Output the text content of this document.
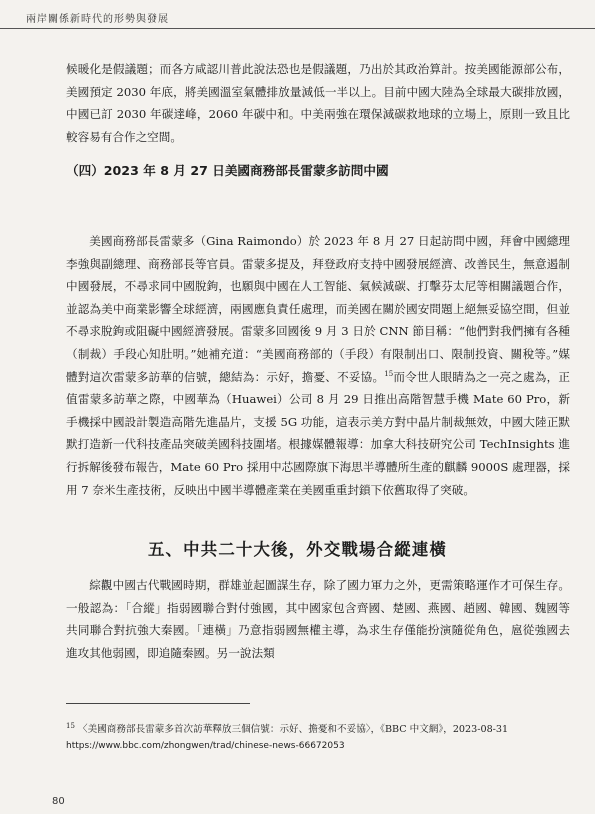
兩岸關係新時代的形勢與發展

候暖化是假議題；而各方咸認川普此說法恐也是假議題，乃出於其政治算計。按美國能源部公布，美國預定 2030 年底，將美國溫室氣體排放量減低一半以上。目前中國大陸為全球最大碳排放國，中國已訂 2030 年碳達峰，2060 年碳中和。中美兩強在環保減碳救地球的立場上，原則一致且比較容易有合作之空間。

（四）2023 年 8 月 27 日美國商務部長雷蒙多訪問中國

美國商務部長雷蒙多（Gina Raimondo）於 2023 年 8 月 27 日起訪問中國，拜會中國總理李強與副總理、商務部長等官員。雷蒙多提及，拜登政府支持中國發展經濟、改善民生，無意遏制中國發展，不尋求同中國脫鉤，也願與中國在人工智能、氣候減碳、打擊芬太尼等相關議題合作，並認為美中商業影響全球經濟，兩國應負責任處理，而美國在關於國安問題上絕無妥協空間，但並不尋求脫鉤或阻礙中國經濟發展。雷蒙多回國後 9 月 3 日於 CNN 節目稱：“他們對我們擁有各種（制裁）手段心知肚明。”她補充道：“美國商務部的（手段）有限制出口、限制投資、關稅等。”媒體對這次雷蒙多訪華的信號，總結為：示好，擔憂、不妥協。$^{15}$而令世人眼睛為之一亮之處為，正值雷蒙多訪華之際，中國華為（Huawei）公司 8 月 29 日推出高階智慧手機 Mate 60 Pro，新手機採中國設計製造高階先進晶片，支援 5G 功能，這表示美方對中晶片制裁無效，中國大陸正默默打造新一代科技產品突破美國科技圍堵。根據媒體報導：加拿大科技研究公司 TechInsights 進行拆解後發布報告，Mate 60 Pro 採用中芯國際旗下海思半導體所生產的麒麟 9000S 處理器，採用 7 奈米生產技術，反映出中國半導體產業在美國重重封鎖下依舊取得了突破。

五、中共二十大後，外交戰場合縱連橫

綜觀中國古代戰國時期，群雄並起圖謀生存，除了國力軍力之外，更需策略運作才可保生存。一般認為：「合縱」指弱國聯合對付強國，其中國家包含齊國、楚國、燕國、趙國、韓國、魏國等共同聯合對抗強大秦國。「連橫」乃意指弱國無權主導，為求生存僅能扮演隨從角色，扈從強國去進攻其他弱國，即追隨秦國。另一說法類

$^{15}$ 〈美國商務部長雷蒙多首次訪華釋放三個信號：示好、擔憂和不妥協〉，《BBC 中文網》，2023-08-31
https://www.bbc.com/zhongwen/trad/chinese-news-66672053

80
